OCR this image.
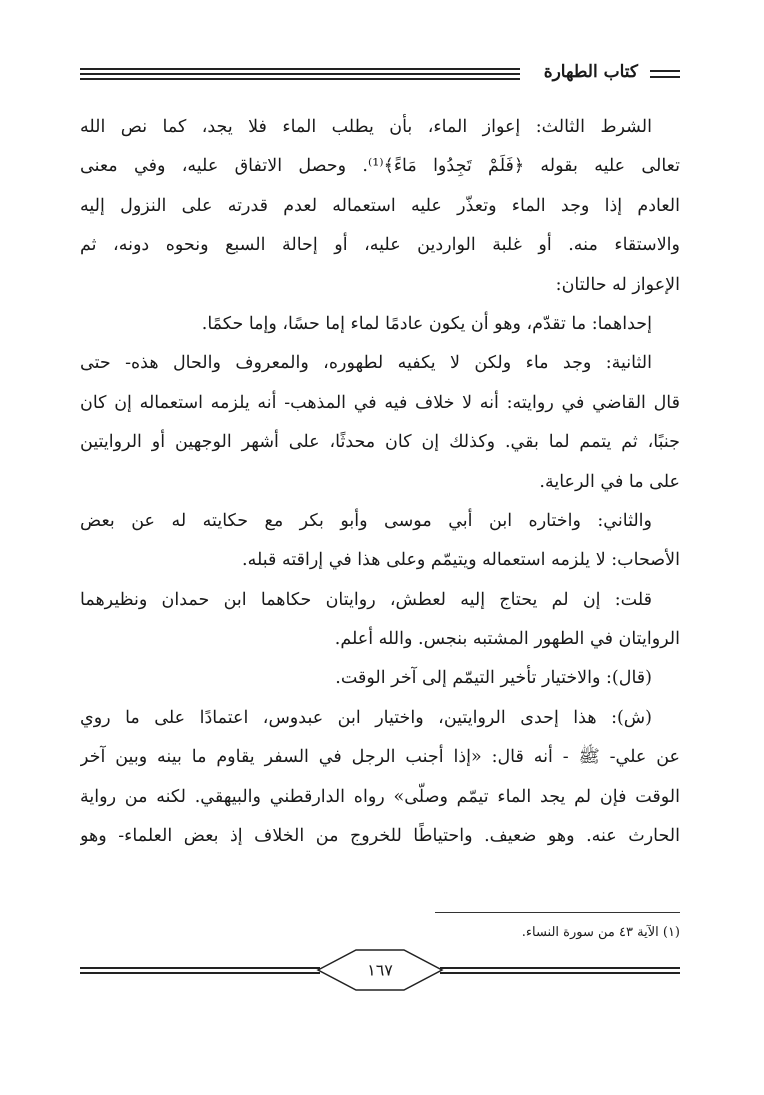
كتاب الطهارة
الشرط الثالث: إعواز الماء، بأن يطلب الماء فلا يجد، كما نص الله
تعالى عليه بقوله ﴿فَلَمْ تَجِدُوا مَاءً﴾⁽¹⁾. وحصل الاتفاق عليه، وفي معنى
العادم إذا وجد الماء وتعذّر عليه استعماله لعدم قدرته على النزول إليه
والاستقاء منه. أو غلبة الواردين عليه، أو إحالة السبع ونحوه دونه، ثم
الإعواز له حالتان:
إحداهما: ما تقدّم، وهو أن يكون عادمًا لماء إما حسًا، وإما حكمًا.
الثانية: وجد ماء ولكن لا يكفيه لطهوره، والمعروف والحال هذه- حتى
قال القاضي في روايته: أنه لا خلاف فيه في المذهب- أنه يلزمه استعماله إن كان
جنبًا، ثم يتمم لما بقي. وكذلك إن كان محدثًا، على أشهر الوجهين أو الروايتين
على ما في الرعاية.
والثاني: واختاره ابن أبي موسى وأبو بكر مع حكايته له عن بعض
الأصحاب: لا يلزمه استعماله ويتيمّم وعلى هذا في إراقته قبله.
قلت: إن لم يحتاج إليه لعطش، روايتان حكاهما ابن حمدان ونظيرهما
الروايتان في الطهور المشتبه بنجس. والله أعلم.
(قال): والاختيار تأخير التيمّم إلى آخر الوقت.
(ش): هذا إحدى الروايتين، واختيار ابن عبدوس، اعتمادًا على ما روي
عن علي- ﷺ - أنه قال: «إذا أجنب الرجل في السفر يقاوم ما بينه وبين آخر
الوقت فإن لم يجد الماء تيمّم وصلّى» رواه الدارقطني والبيهقي. لكنه من رواية
الحارث عنه. وهو ضعيف. واحتياطًا للخروج من الخلاف إذ بعض العلماء- وهو
(١) الآية ٤٣ من سورة النساء.
١٦٧
